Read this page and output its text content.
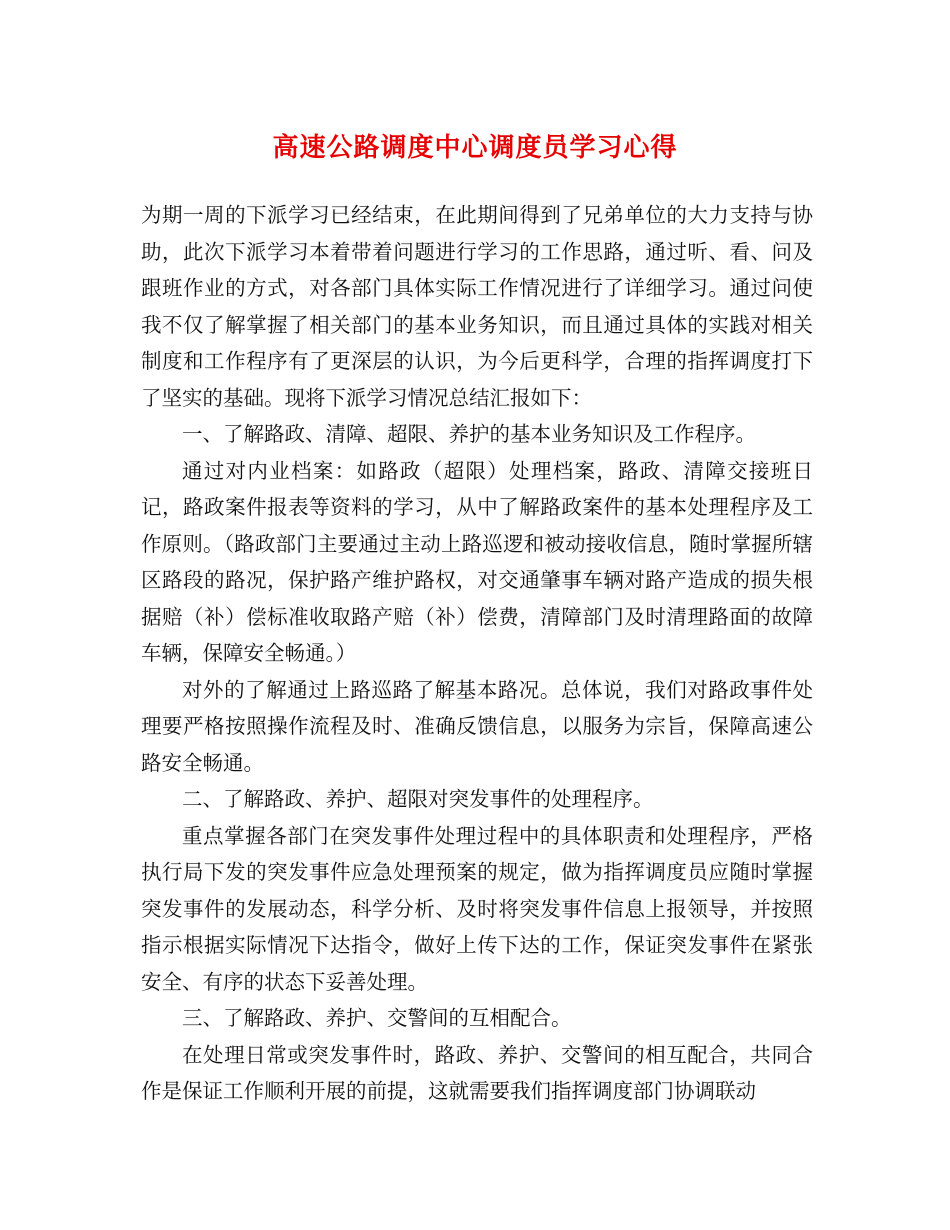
高速公路调度中心调度员学习心得

为期一周的下派学习已经结束，在此期间得到了兄弟单位的大力支持与协助，此次下派学习本着带着问题进行学习的工作思路，通过听、看、问及跟班作业的方式，对各部门具体实际工作情况进行了详细学习。通过问使我不仅了解掌握了相关部门的基本业务知识，而且通过具体的实践对相关制度和工作程序有了更深层的认识，为今后更科学，合理的指挥调度打下了坚实的基础。现将下派学习情况总结汇报如下：

一、了解路政、清障、超限、养护的基本业务知识及工作程序。

通过对内业档案：如路政（超限）处理档案，路政、清障交接班日记，路政案件报表等资料的学习，从中了解路政案件的基本处理程序及工作原则。（路政部门主要通过主动上路巡逻和被动接收信息，随时掌握所辖区路段的路况，保护路产维护路权，对交通肇事车辆对路产造成的损失根据赔（补）偿标准收取路产赔（补）偿费，清障部门及时清理路面的故障车辆，保障安全畅通。）

对外的了解通过上路巡路了解基本路况。总体说，我们对路政事件处理要严格按照操作流程及时、准确反馈信息，以服务为宗旨，保障高速公路安全畅通。

二、了解路政、养护、超限对突发事件的处理程序。

重点掌握各部门在突发事件处理过程中的具体职责和处理程序，严格执行局下发的突发事件应急处理预案的规定，做为指挥调度员应随时掌握突发事件的发展动态，科学分析、及时将突发事件信息上报领导，并按照指示根据实际情况下达指令，做好上传下达的工作，保证突发事件在紧张安全、有序的状态下妥善处理。

三、了解路政、养护、交警间的互相配合。

在处理日常或突发事件时，路政、养护、交警间的相互配合，共同合作是保证工作顺利开展的前提，这就需要我们指挥调度部门协调联动
